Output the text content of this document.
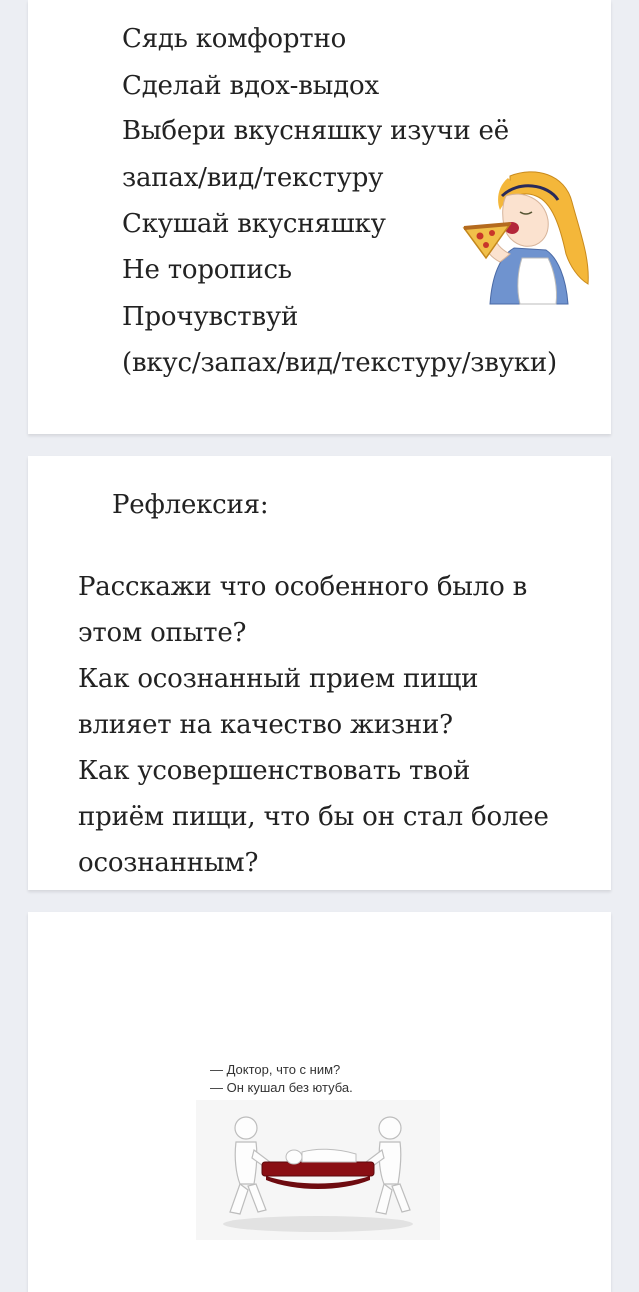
Сядь комфортно
Сделай вдох-выдох
Выбери вкусняшку изучи её
запах/вид/текстуру
Скушай вкусняшку
Не торопись
Прочувствуй
(вкус/запах/вид/текстуру/звуки)
Рефлексия:
Расскажи что особенного было в
этом опыте?
Как осознанный прием пищи
влияет на качество жизни?
Как усовершенствовать твой
приём пищи, что бы он стал более
осознанным?
— Доктор, что с ним?
— Он кушал без ютуба.
